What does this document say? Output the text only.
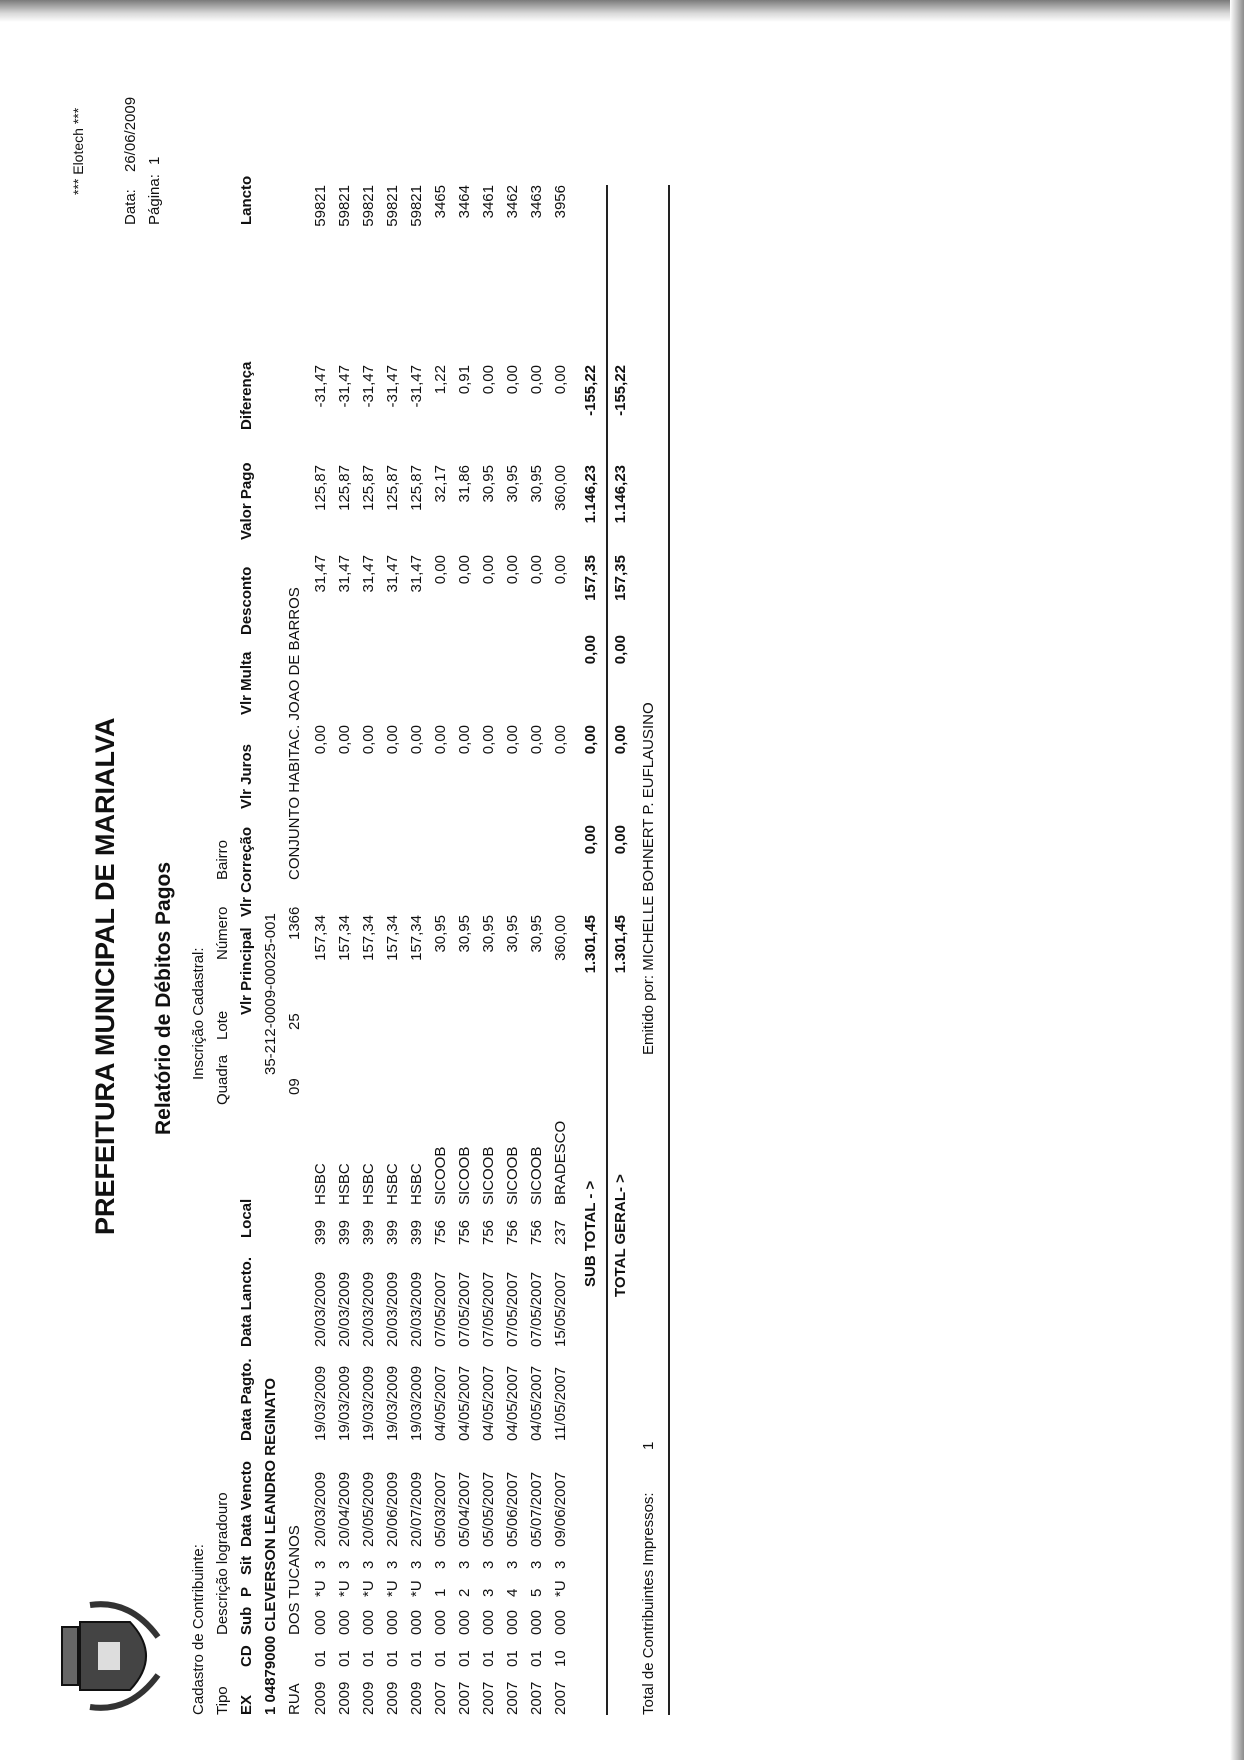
PREFEITURA MUNICIPAL DE MARIALVA Relatório de Débitos Pagos
*** Elotech ***
Data:
26/06/2009
Página:
1
Cadastro de Contribuinte: Tipo
Descrição logradouro
Inscrição Cadastral: Quadra
Lote
Número
Bairro
EX
CD
Sub
P
Sit
Data Vencto
Data Pagto.
Data Lancto.
Local
Vlr Principal
Vlr Correção
Vlr Juros
Vlr Multa
Desconto
Valor Pago
Diferença
Lancto
1 04879000 CLEVERSON LEANDRO REGINATO
35-212-0009-00025-001
RUA
DOS TUCANOS
09
25
1366
CONJUNTO HABITAC. JOAO DE BARROS
2009
01
000
*U
3
20/03/2009
19/03/2009
20/03/2009
399
HSBC
157,34
0,00
31,47
125,87
-31,47
59821
2009
01
000
*U
3
20/04/2009
19/03/2009
20/03/2009
399
HSBC
157,34
0,00
31,47
125,87
-31,47
59821
2009
01
000
*U
3
20/05/2009
19/03/2009
20/03/2009
399
HSBC
157,34
0,00
31,47
125,87
-31,47
59821
2009
01
000
*U
3
20/06/2009
19/03/2009
20/03/2009
399
HSBC
157,34
0,00
31,47
125,87
-31,47
59821
2009
01
000
*U
3
20/07/2009
19/03/2009
20/03/2009
399
HSBC
157,34
0,00
31,47
125,87
-31,47
59821
2007
01
000
1
3
05/03/2007
04/05/2007
07/05/2007
756
SICOOB
30,95
0,00
0,00
32,17
1,22
3465
2007
01
000
2
3
05/04/2007
04/05/2007
07/05/2007
756
SICOOB
30,95
0,00
0,00
31,86
0,91
3464
2007
01
000
3
3
05/05/2007
04/05/2007
07/05/2007
756
SICOOB
30,95
0,00
0,00
30,95
0,00
3461
2007
01
000
4
3
05/06/2007
04/05/2007
07/05/2007
756
SICOOB
30,95
0,00
0,00
30,95
0,00
3462
2007
01
000
5
3
05/07/2007
04/05/2007
07/05/2007
756
SICOOB
30,95
0,00
0,00
30,95
0,00
3463
2007
10
000
*U
3
09/06/2007
11/05/2007
15/05/2007
237
BRADESCO
360,00
0,00
0,00
360,00
0,00
3956
SUB TOTAL - >
1.301,45
0,00
0,00
0,00
157,35
1.146,23
-155,22
TOTAL GERAL- >
1.301,45
0,00
0,00
0,00
157,35
1.146,23
-155,22
Total de Contribuintes Impressos:
1
Emitido por: MICHELLE BOHNERT P. EUFLAUSINO
